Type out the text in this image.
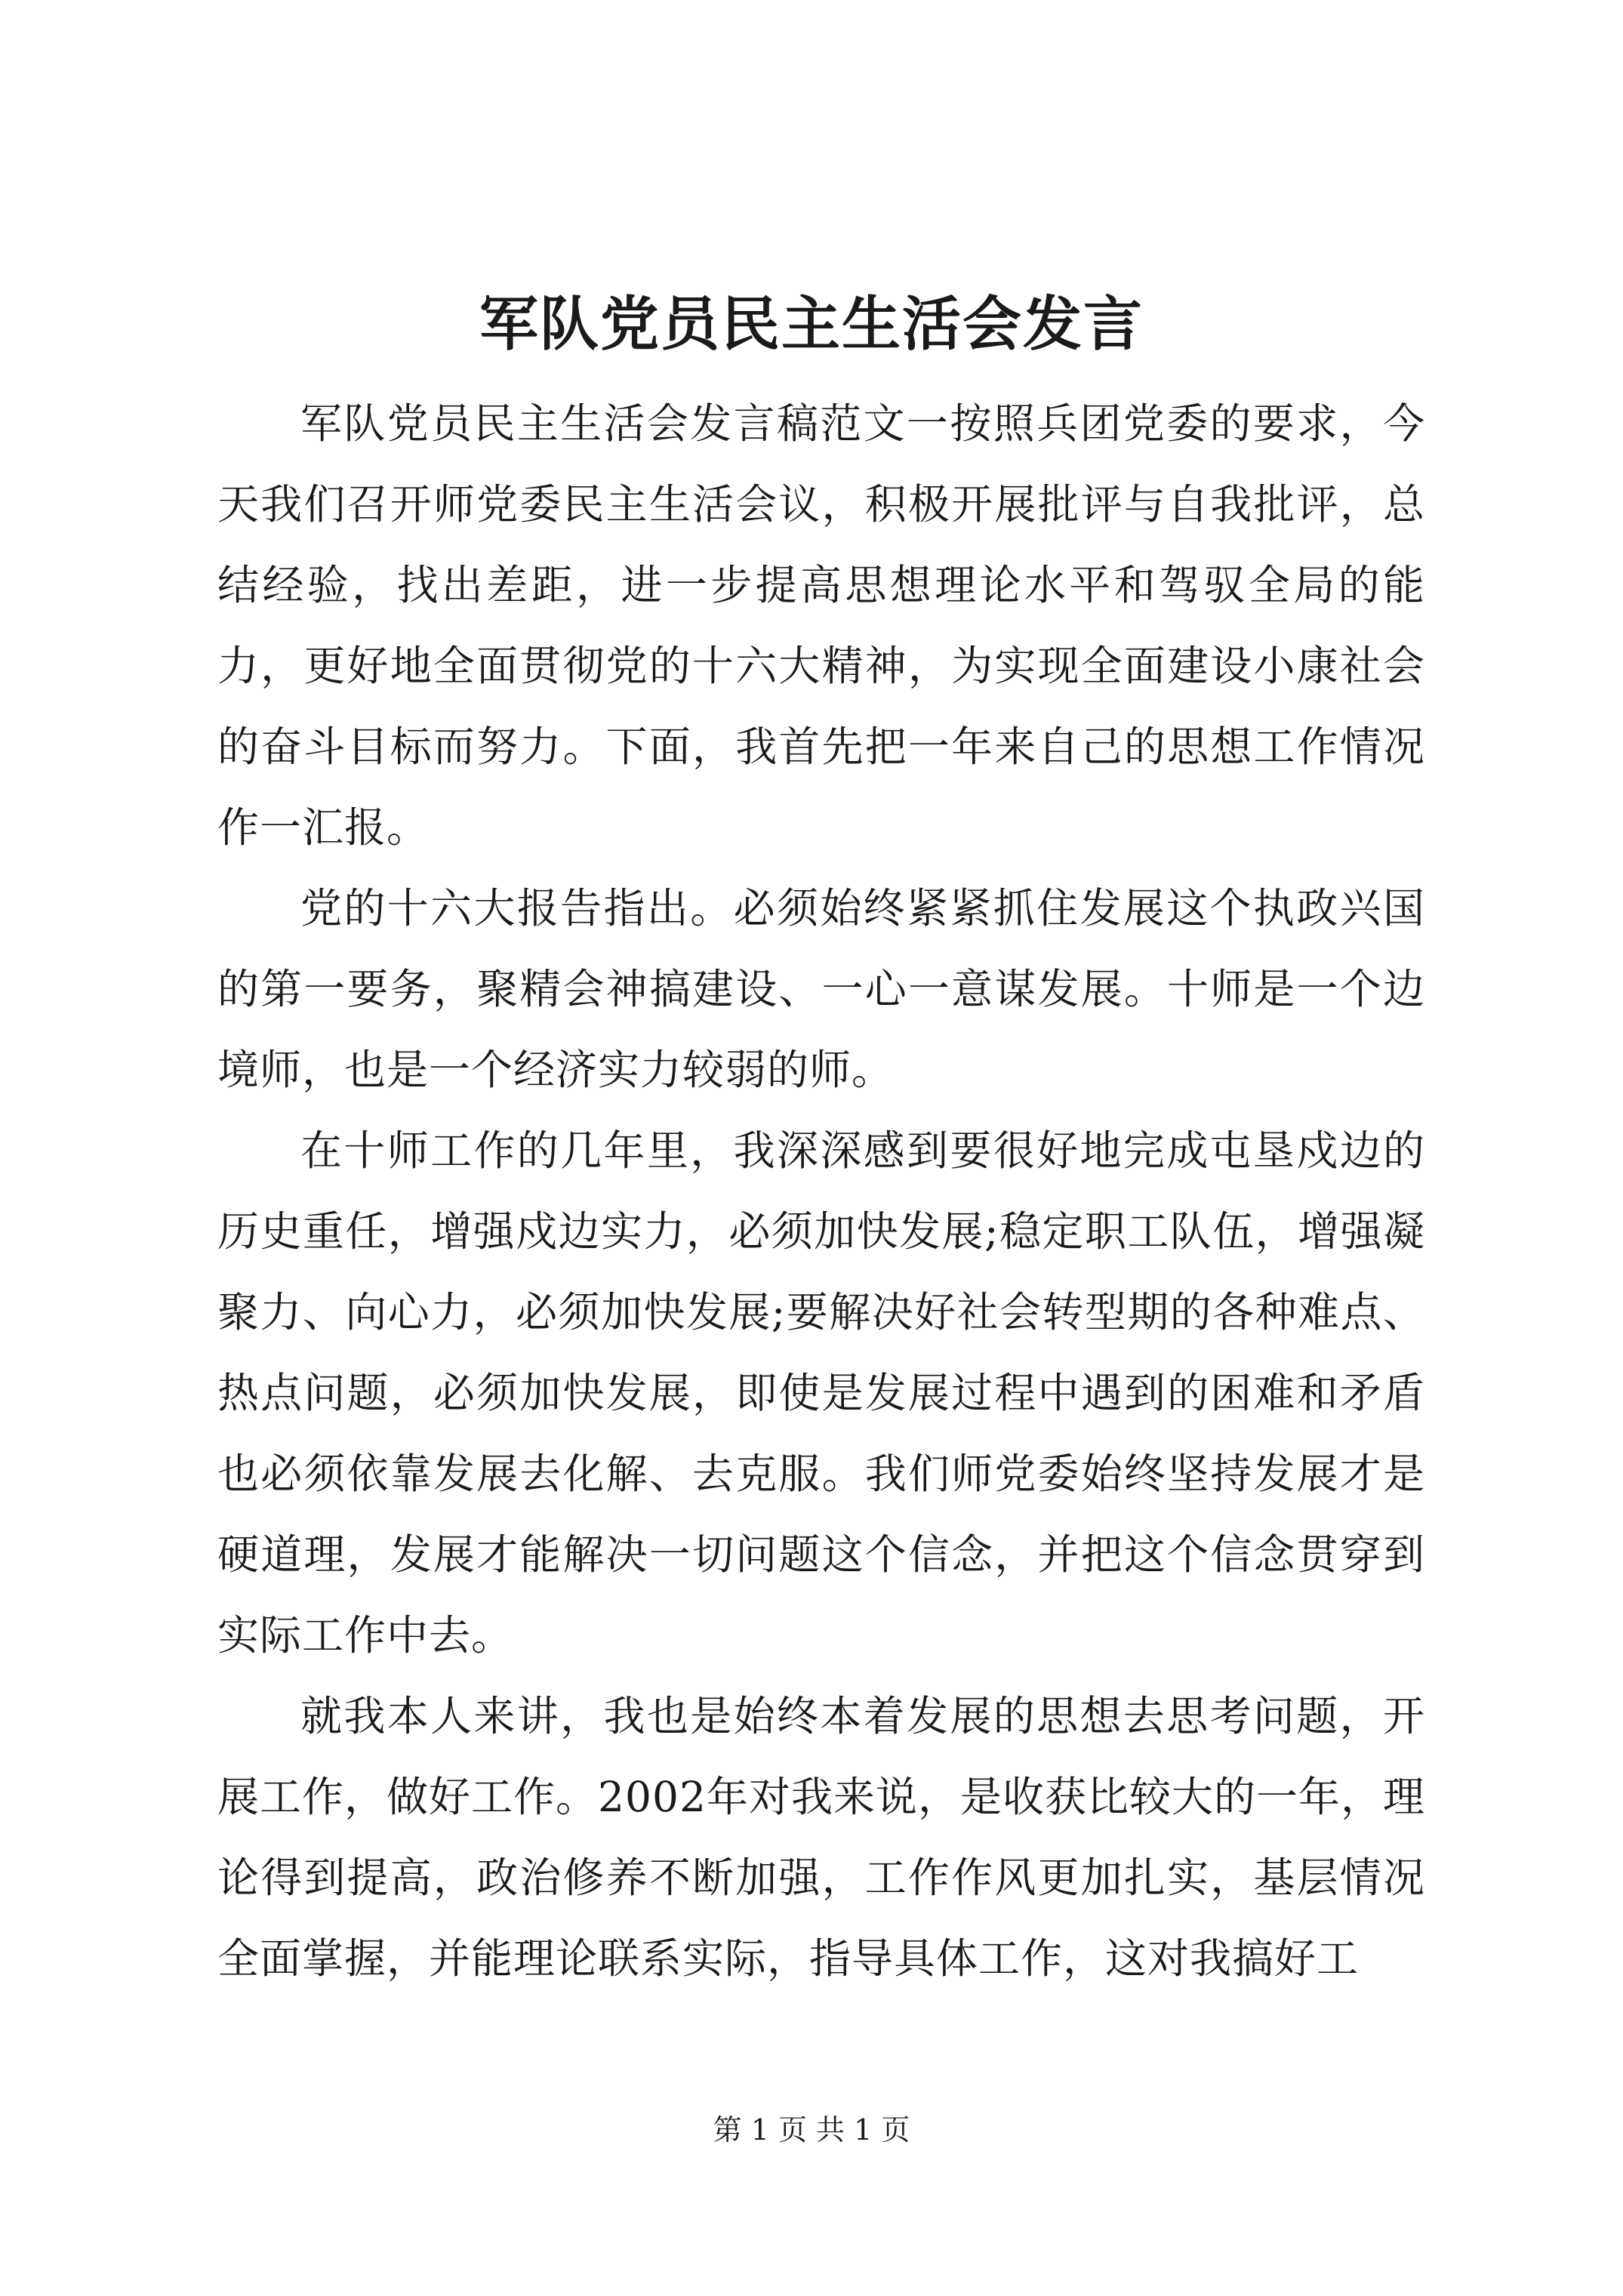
军队党员民主生活会发言

军队党员民主生活会发言稿范文一按照兵团党委的要求，今天我们召开师党委民主生活会议，积极开展批评与自我批评，总结经验，找出差距，进一步提高思想理论水平和驾驭全局的能力，更好地全面贯彻党的十六大精神，为实现全面建设小康社会的奋斗目标而努力。下面，我首先把一年来自己的思想工作情况作一汇报。

党的十六大报告指出。必须始终紧紧抓住发展这个执政兴国的第一要务，聚精会神搞建设、一心一意谋发展。十师是一个边境师，也是一个经济实力较弱的师。

在十师工作的几年里，我深深感到要很好地完成屯垦戍边的历史重任，增强戍边实力，必须加快发展;稳定职工队伍，增强凝聚力、向心力，必须加快发展;要解决好社会转型期的各种难点、热点问题，必须加快发展，即使是发展过程中遇到的困难和矛盾也必须依靠发展去化解、去克服。我们师党委始终坚持发展才是硬道理，发展才能解决一切问题这个信念，并把这个信念贯穿到实际工作中去。

就我本人来讲，我也是始终本着发展的思想去思考问题，开展工作，做好工作。2002年对我来说，是收获比较大的一年，理论得到提高，政治修养不断加强，工作作风更加扎实，基层情况全面掌握，并能理论联系实际，指导具体工作，这对我搞好工

第 1 页 共 1 页
